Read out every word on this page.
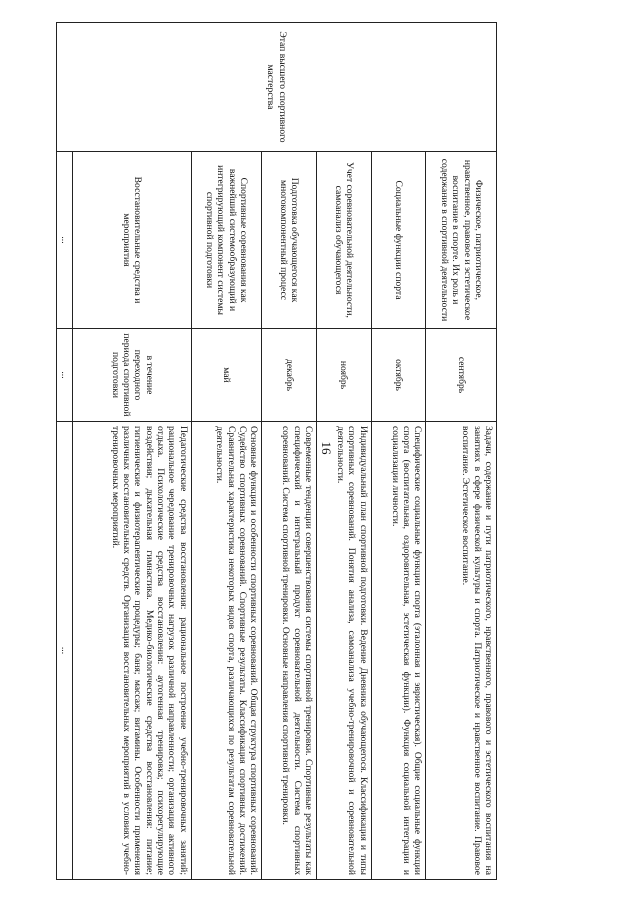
16
Этап высшего спортивного мастерства	Физическое, патриотическое, нравственное, правовое и эстетическое воспитание в спорте. Их роль и содержание в спортивной деятельности	сентябрь	Задачи, содержание и пути патриотического, нравственного, правового и эстетического воспитания на занятиях в сфере физической культуры и спорта. Патриотическое и нравственное воспитание. Правовое воспитание. Эстетическое воспитание.
	Социальные функции спорта	октябрь	Специфические социальные функции спорта (эталонная и эвристическая). Общие социальные функции спорта (воспитательная, оздоровительная, эстетическая функции). Функция социальной интеграции и социализации личности.
	Учет соревновательной деятельности, самоанализ обучающегося	ноябрь	Индивидуальный план спортивной подготовки. Ведение Дневника обучающегося. Классификация и типы спортивных соревнований. Понятия анализа, самоанализа учебно-тренировочной и соревновательной деятельности.
	Подготовка обучающегося как многокомпонентный процесс	декабрь	Современные тенденции совершенствования системы спортивной тренировки. Спортивные результаты как специфический и интегральный продукт соревновательной деятельности. Система спортивных соревнований. Система спортивной тренировки. Основные направления спортивной тренировки.
	Спортивные соревнования как важнейший системообразующий и интегрирующий компонент системы спортивной подготовки	май	Основные функции и особенности спортивных соревнований. Общая структура спортивных соревнований. Судейство спортивных соревнований. Спортивные результаты. Классификация спортивных достижений. Сравнительная характеристика некоторых видов спорта, различающихся по результатам соревновательной деятельности.
	Восстановительные средства и мероприятия	в течение переходного периода спортивной подготовки	Педагогические средства восстановления: рациональное построение учебно-тренировочных занятий; рациональное чередование тренировочных нагрузок различной направленности; организация активного отдыха. Психологические средства восстановления: аутогенная тренировка; психорегулирующие воздействия; дыхательная гимнастика. Медико-биологические средства восстановления: питание; гигиенические и физиотерапевтические процедуры; баня; массаж; витамины. Особенности применения различных восстановительных средств. Организация восстановительных мероприятий в условиях учебно-тренировочных мероприятий.
	...	...	...
